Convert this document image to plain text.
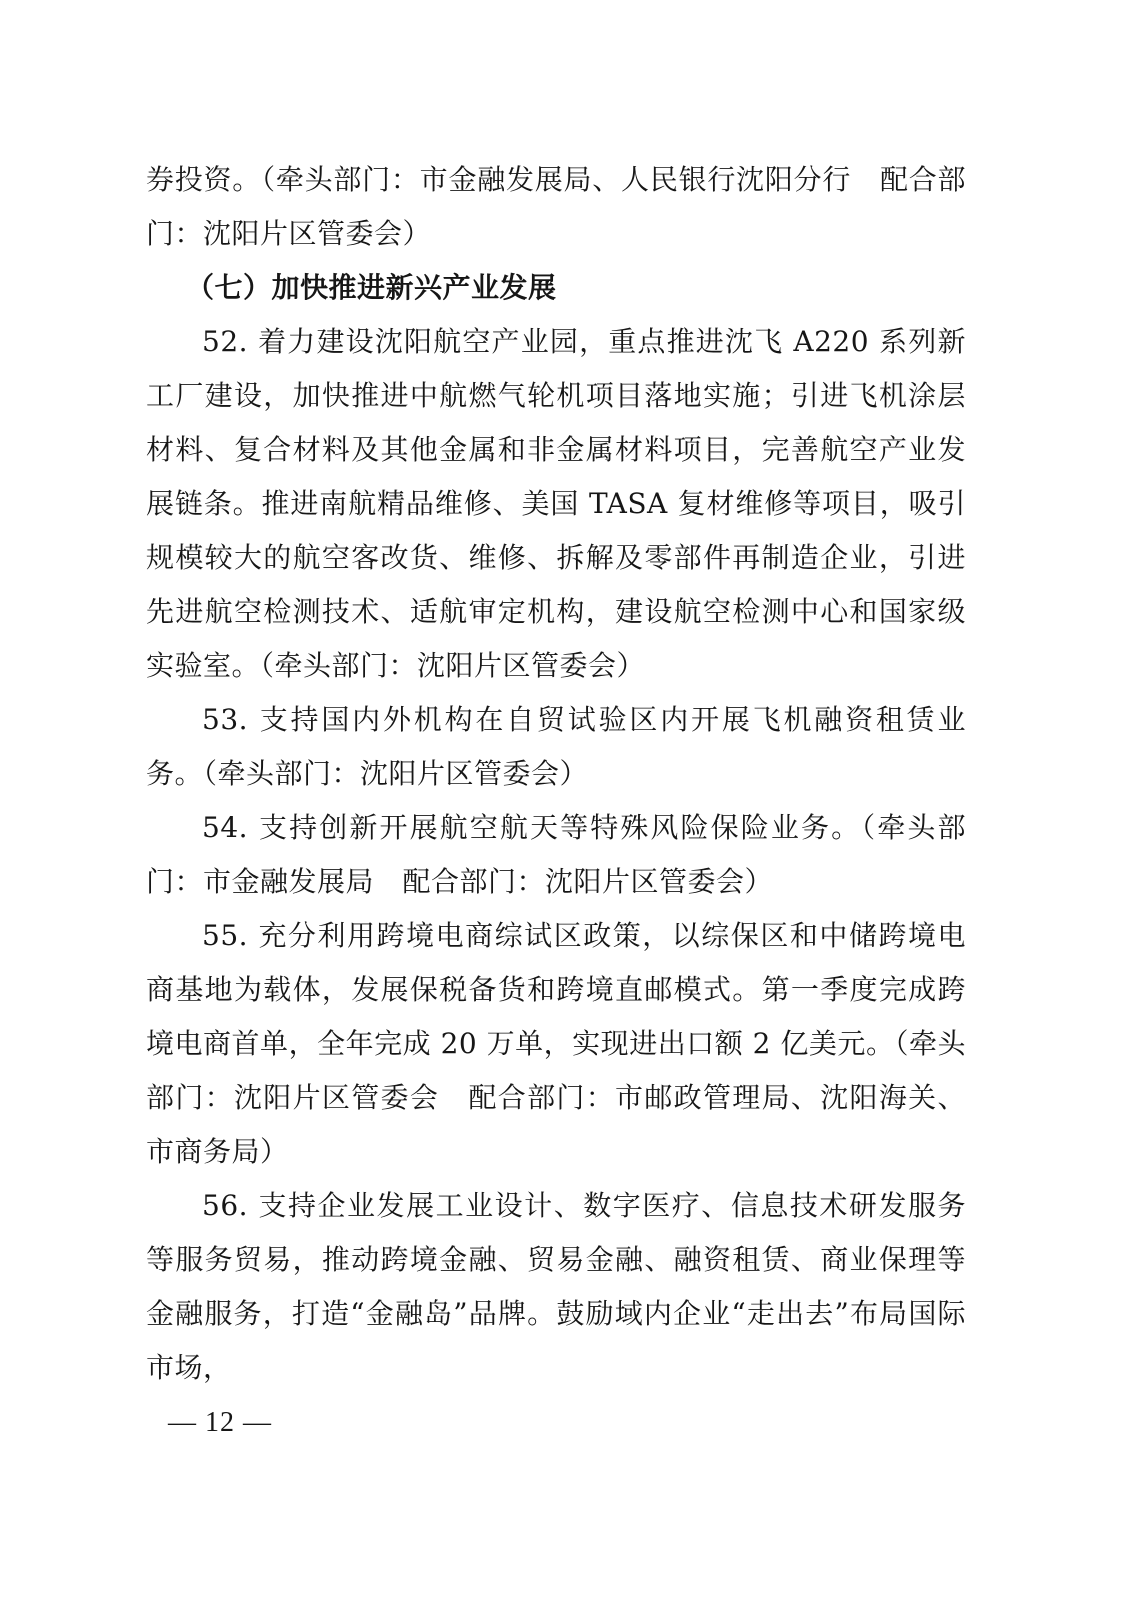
券投资。（牵头部门：市金融发展局、人民银行沈阳分行　配合部门：沈阳片区管委会）

（七）加快推进新兴产业发展

52. 着力建设沈阳航空产业园，重点推进沈飞 A220 系列新工厂建设，加快推进中航燃气轮机项目落地实施；引进飞机涂层材料、复合材料及其他金属和非金属材料项目，完善航空产业发展链条。推进南航精品维修、美国 TASA 复材维修等项目，吸引规模较大的航空客改货、维修、拆解及零部件再制造企业，引进先进航空检测技术、适航审定机构，建设航空检测中心和国家级实验室。（牵头部门：沈阳片区管委会）

53. 支持国内外机构在自贸试验区内开展飞机融资租赁业务。（牵头部门：沈阳片区管委会）

54. 支持创新开展航空航天等特殊风险保险业务。（牵头部门：市金融发展局　配合部门：沈阳片区管委会）

55. 充分利用跨境电商综试区政策，以综保区和中储跨境电商基地为载体，发展保税备货和跨境直邮模式。第一季度完成跨境电商首单，全年完成 20 万单，实现进出口额 2 亿美元。（牵头部门：沈阳片区管委会　配合部门：市邮政管理局、沈阳海关、市商务局）

56. 支持企业发展工业设计、数字医疗、信息技术研发服务等服务贸易，推动跨境金融、贸易金融、融资租赁、商业保理等金融服务，打造“金融岛”品牌。鼓励域内企业“走出去”布局国际市场，

— 12 —
